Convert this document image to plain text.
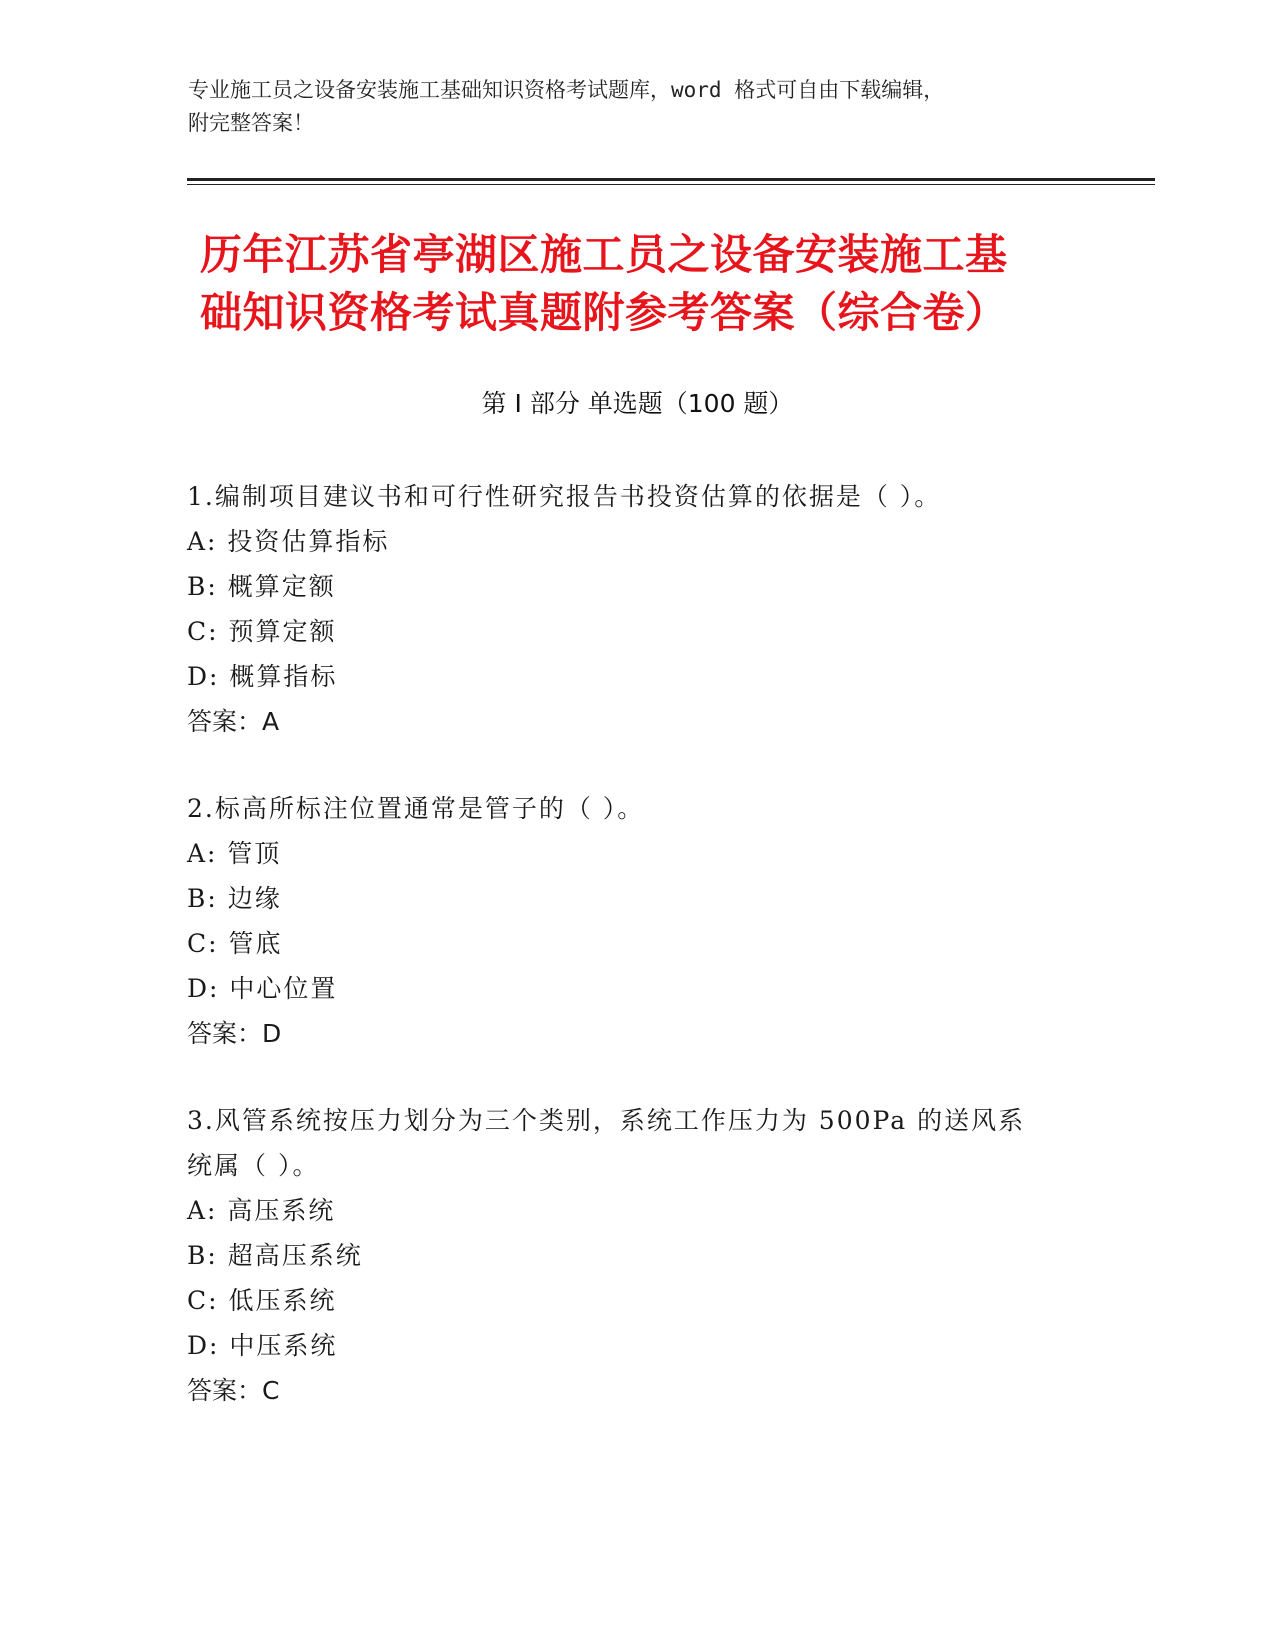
专业施工员之设备安装施工基础知识资格考试题库，word 格式可自由下载编辑，
附完整答案！
历年江苏省亭湖区施工员之设备安装施工基
础知识资格考试真题附参考答案（综合卷）
第 I 部分 单选题（100 题）

1.编制项目建议书和可行性研究报告书投资估算的依据是（ ）。

A: 投资估算指标

B: 概算定额

C: 预算定额

D: 概算指标

答案：A

2.标高所标注位置通常是管子的（ ）。

A: 管顶

B: 边缘

C: 管底

D: 中心位置

答案：D

3.风管系统按压力划分为三个类别，系统工作压力为 500Pa 的送风系

统属（ ）。

A: 高压系统

B: 超高压系统

C: 低压系统

D: 中压系统

答案：C
